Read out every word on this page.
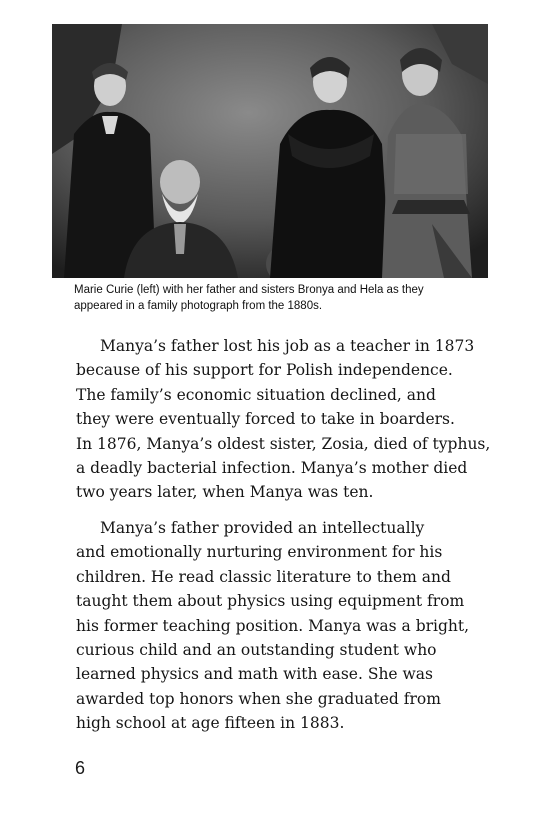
Marie Curie (left) with her father and sisters Bronya and Hela as they
appeared in a family photograph from the 1880s.

Manya’s father lost his job as a teacher in 1873
because of his support for Polish independence.
The family’s economic situation declined, and
they were eventually forced to take in boarders.
In 1876, Manya’s oldest sister, Zosia, died of typhus,
a deadly bacterial infection. Manya’s mother died
two years later, when Manya was ten.

Manya’s father provided an intellectually
and emotionally nurturing environment for his
children. He read classic literature to them and
taught them about physics using equipment from
his former teaching position. Manya was a bright,
curious child and an outstanding student who
learned physics and math with ease. She was
awarded top honors when she graduated from
high school at age fifteen in 1883.

6
